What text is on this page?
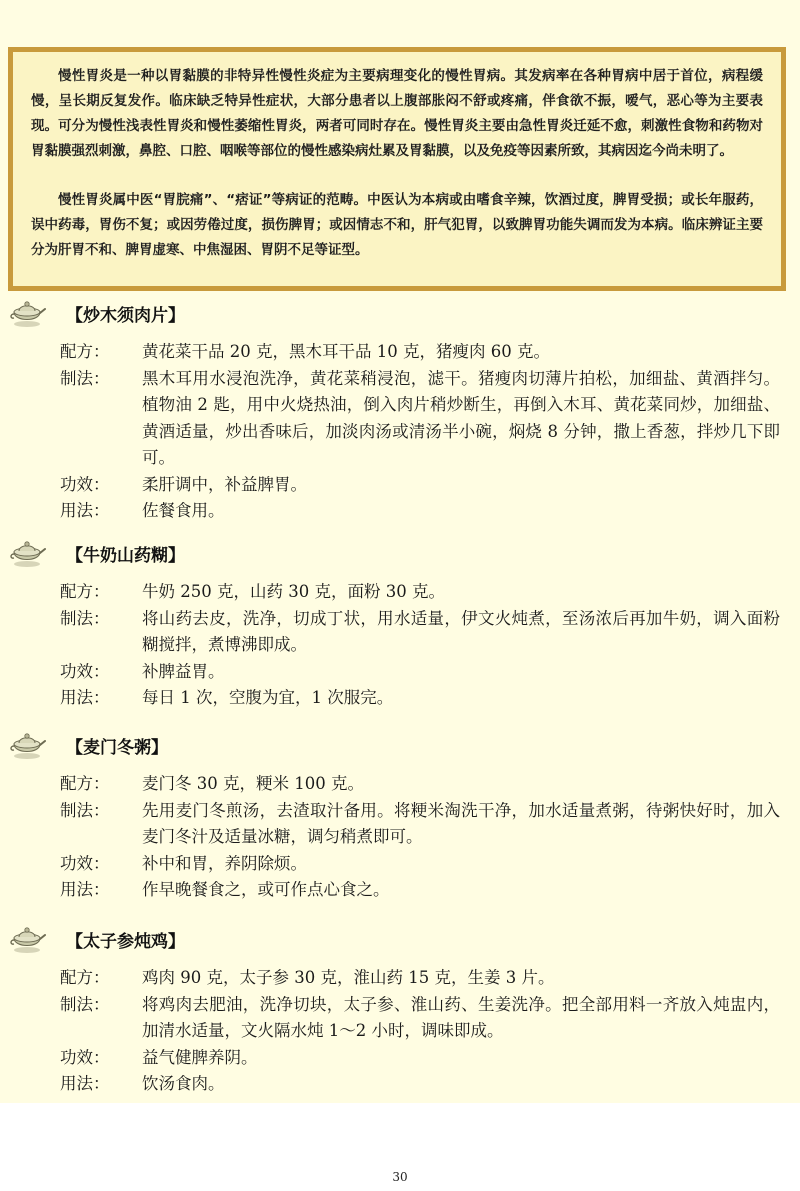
慢性胃炎是一种以胃黏膜的非特异性慢性炎症为主要病理变化的慢性胃病。其发病率在各种胃病中居于首位，病程缓慢，呈长期反复发作。临床缺乏特异性症状，大部分患者以上腹部胀闷不舒或疼痛，伴食欲不振，嗳气，恶心等为主要表现。可分为慢性浅表性胃炎和慢性萎缩性胃炎，两者可同时存在。慢性胃炎主要由急性胃炎迁延不愈，刺激性食物和药物对胃黏膜强烈刺激，鼻腔、口腔、咽喉等部位的慢性感染病灶累及胃黏膜，以及免疫等因素所致，其病因迄今尚未明了。

慢性胃炎属中医“胃脘痛”、“痞证”等病证的范畴。中医认为本病或由嗜食辛辣，饮酒过度，脾胃受损；或长年服药，误中药毒，胃伤不复；或因劳倦过度，损伤脾胃；或因情志不和，肝气犯胃，以致脾胃功能失调而发为本病。临床辨证主要分为肝胃不和、脾胃虚寒、中焦湿困、胃阴不足等证型。

【炒木须肉片】
配方：	黄花菜干品 20 克，黑木耳干品 10 克，猪瘦肉 60 克。
制法：	黑木耳用水浸泡洗净，黄花菜稍浸泡，滤干。猪瘦肉切薄片拍松，加细盐、黄酒拌匀。植物油 2 匙，用中火烧热油，倒入肉片稍炒断生，再倒入木耳、黄花菜同炒，加细盐、黄酒适量，炒出香味后，加淡肉汤或清汤半小碗，焖烧 8 分钟，撒上香葱，拌炒几下即可。
功效：	柔肝调中，补益脾胃。
用法：	佐餐食用。
【牛奶山药糊】
配方：	牛奶 250 克，山药 30 克，面粉 30 克。
制法：	将山药去皮，洗净，切成丁状，用水适量，伊文火炖煮，至汤浓后再加牛奶，调入面粉糊搅拌，煮博沸即成。
功效：	补脾益胃。
用法：	每日 1 次，空腹为宜，1 次服完。
【麦门冬粥】
配方：	麦门冬 30 克，粳米 100 克。
制法：	先用麦门冬煎汤，去渣取汁备用。将粳米淘洗干净，加水适量煮粥，待粥快好时，加入麦门冬汁及适量冰糖，调匀稍煮即可。
功效：	补中和胃，养阴除烦。
用法：	作早晚餐食之，或可作点心食之。
【太子参炖鸡】
配方：	鸡肉 90 克，太子参 30 克，淮山药 15 克，生姜 3 片。
制法：	将鸡肉去肥油，洗净切块，太子参、淮山药、生姜洗净。把全部用料一齐放入炖盅内，加清水适量，文火隔水炖 1～2 小时，调味即成。
功效：	益气健脾养阴。
用法：	饮汤食肉。
30
